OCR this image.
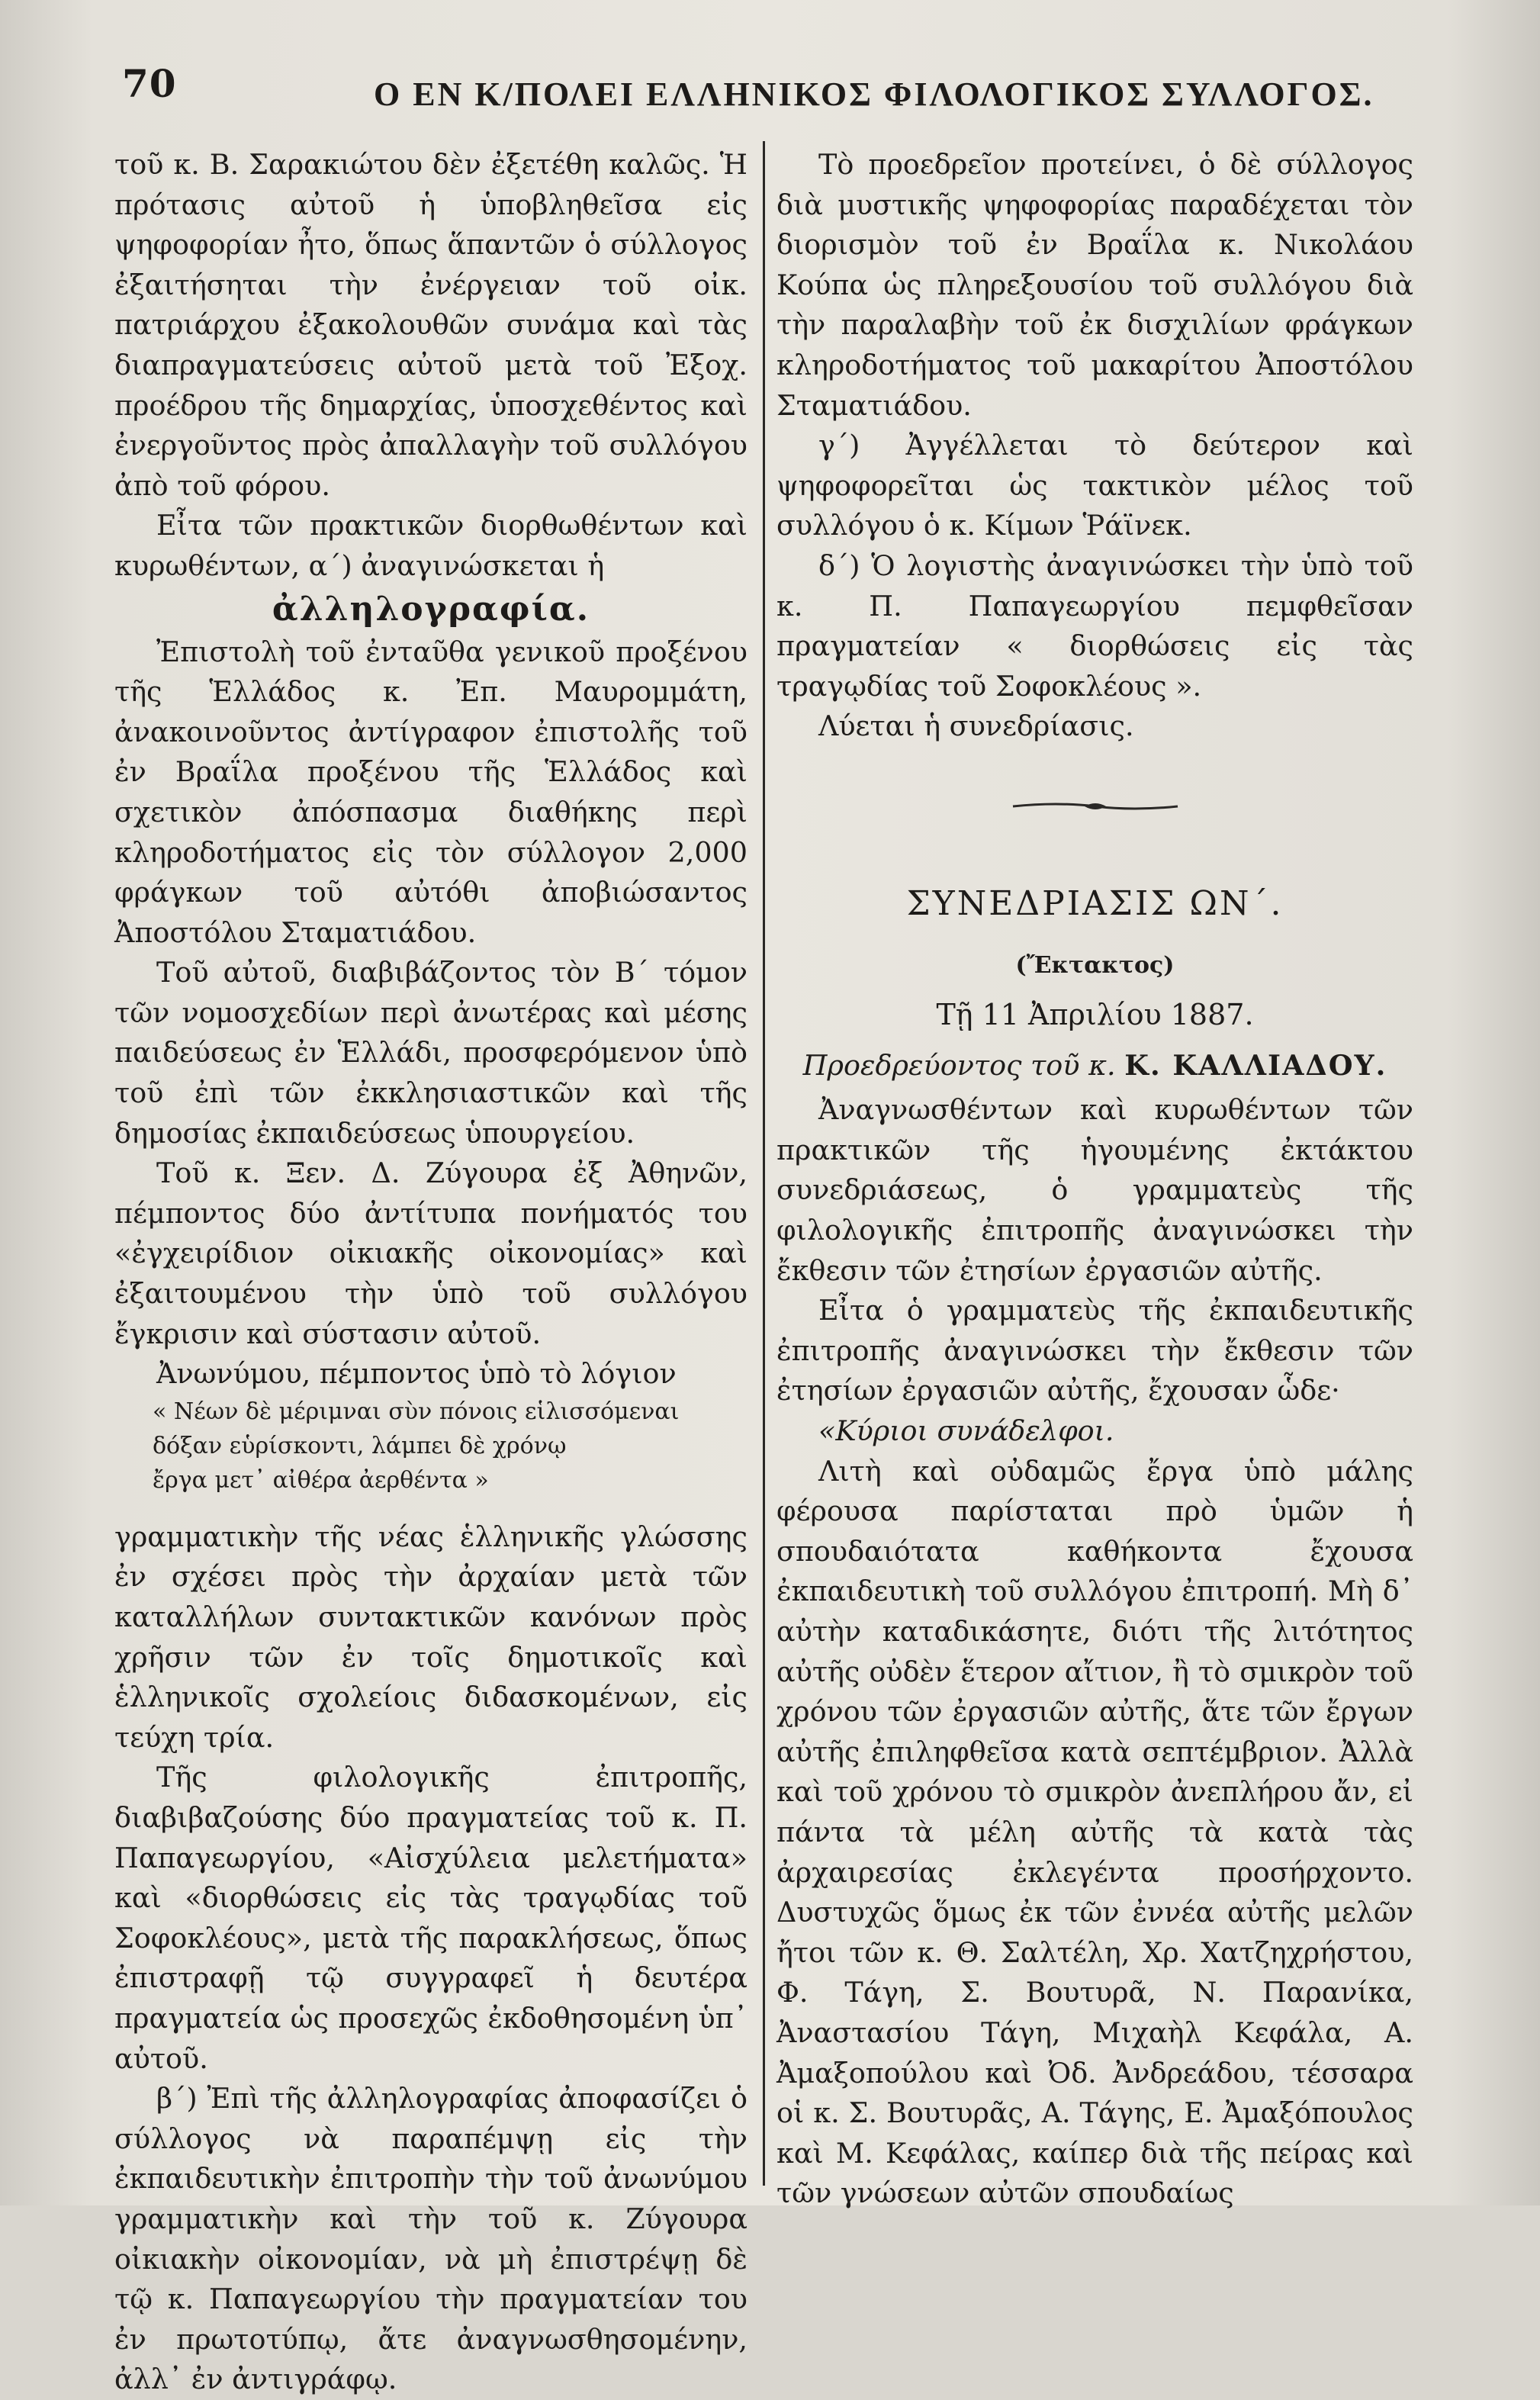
70	Ο ΕΝ Κ/ΠΟΛΕΙ ΕΛΛΗΝΙΚΟΣ ΦΙΛΟΛΟΓΙΚΟΣ ΣΥΛΛΟΓΟΣ.

τοῦ κ. Β. Σαρακιώτου δὲν ἐξετέθη καλῶς. Ἡ πρότασις αὐτοῦ ἡ ὑποβληθεῖσα εἰς ψηφοφορίαν ἦτο, ὅπως ἅπαντῶν ὁ σύλλογος ἐξαιτήσηται τὴν ἐνέργειαν τοῦ οἰκ. πατριάρχου ἐξακολουθῶν συνάμα καὶ τὰς διαπραγματεύσεις αὐτοῦ μετὰ τοῦ Ἐξοχ. προέδρου τῆς δημαρχίας, ὑποσχεθέντος καὶ ἐνεργοῦντος πρὸς ἀπαλλαγὴν τοῦ συλλόγου ἀπὸ τοῦ φόρου.

Εἶτα τῶν πρακτικῶν διορθωθέντων καὶ κυρωθέντων, α΄) ἀναγινώσκεται ἡ

ἀλληλογραφία.

Ἐπιστολὴ τοῦ ἐνταῦθα γενικοῦ προξένου τῆς Ἑλλάδος κ. Ἐπ. Μαυρομμάτη, ἀνακοινοῦντος ἀντίγραφον ἐπιστολῆς τοῦ ἐν Βραΐλα προξένου τῆς Ἑλλάδος καὶ σχετικὸν ἀπόσπασμα διαθήκης περὶ κληροδοτήματος εἰς τὸν σύλλογον 2,000 φράγκων τοῦ αὐτόθι ἀποβιώσαντος Ἀποστόλου Σταματιάδου.

Τοῦ αὐτοῦ, διαβιβάζοντος τὸν Β΄ τόμον τῶν νομοσχεδίων περὶ ἀνωτέρας καὶ μέσης παιδεύσεως ἐν Ἑλλάδι, προσφερόμενον ὑπὸ τοῦ ἐπὶ τῶν ἐκκλησιαστικῶν καὶ τῆς δημοσίας ἐκπαιδεύσεως ὑπουργείου.

Τοῦ κ. Ξεν. Δ. Ζύγουρα ἐξ Ἀθηνῶν, πέμποντος δύο ἀντίτυπα πονήματός του «ἐγχειρίδιον οἰκιακῆς οἰκονομίας» καὶ ἐξαιτουμένου τὴν ὑπὸ τοῦ συλλόγου ἔγκρισιν καὶ σύστασιν αὐτοῦ.

Ἀνωνύμου, πέμποντος ὑπὸ τὸ λόγιον

« Νέων δὲ μέριμναι σὺν πόνοις εἱλισσόμεναι
δόξαν εὑρίσκοντι, λάμπει δὲ χρόνῳ
ἔργα μετ᾽ αἰθέρα ἀερθέντα »

γραμματικὴν τῆς νέας ἑλληνικῆς γλώσσης ἐν σχέσει πρὸς τὴν ἀρχαίαν μετὰ τῶν καταλλήλων συντακτικῶν κανόνων πρὸς χρῆσιν τῶν ἐν τοῖς δημοτικοῖς καὶ ἑλληνικοῖς σχολείοις διδασκομένων, εἰς τεύχη τρία.

Τῆς φιλολογικῆς ἐπιτροπῆς, διαβιβαζούσης δύο πραγματείας τοῦ κ. Π. Παπαγεωργίου, «Αἰσχύλεια μελετήματα» καὶ «διορθώσεις εἰς τὰς τραγῳδίας τοῦ Σοφοκλέους», μετὰ τῆς παρακλήσεως, ὅπως ἐπιστραφῇ τῷ συγγραφεῖ ἡ δευτέρα πραγματεία ὡς προσεχῶς ἐκδοθησομένη ὑπ᾽ αὐτοῦ.

β΄) Ἐπὶ τῆς ἀλληλογραφίας ἀποφασίζει ὁ σύλλογος νὰ παραπέμψῃ εἰς τὴν ἐκπαιδευτικὴν ἐπιτροπὴν τὴν τοῦ ἀνωνύμου γραμματικὴν καὶ τὴν τοῦ κ. Ζύγουρα οἰκιακὴν οἰκονομίαν, νὰ μὴ ἐπιστρέψῃ δὲ τῷ κ. Παπαγεωργίου τὴν πραγματείαν του ἐν πρωτοτύπῳ, ἄτε ἀναγνωσθησομένην, ἀλλ᾽ ἐν ἀντιγράφῳ.

Τὸ προεδρεῖον προτείνει, ὁ δὲ σύλλογος διὰ μυστικῆς ψηφοφορίας παραδέχεται τὸν διορισμὸν τοῦ ἐν Βραΐλα κ. Νικολάου Κούπα ὡς πληρεξουσίου τοῦ συλλόγου διὰ τὴν παραλαβὴν τοῦ ἐκ δισχιλίων φράγκων κληροδοτήματος τοῦ μακαρίτου Ἀποστόλου Σταματιάδου.

γ΄) Ἀγγέλλεται τὸ δεύτερον καὶ ψηφοφορεῖται ὡς τακτικὸν μέλος τοῦ συλλόγου ὁ κ. Κίμων Ῥάϊνεκ.

δ΄) Ὁ λογιστὴς ἀναγινώσκει τὴν ὑπὸ τοῦ κ. Π. Παπαγεωργίου πεμφθεῖσαν πραγματείαν « διορθώσεις εἰς τὰς τραγῳδίας τοῦ Σοφοκλέους ».

Λύεται ἡ συνεδρίασις.

ΣΥΝΕΔΡΙΑΣΙΣ ΩΝ΄.
(Ἔκτακτος)
Τῇ 11 Ἀπριλίου 1887.
Προεδρεύοντος τοῦ κ. Κ. ΚΑΛΛΙΑΔΟΥ.

Ἀναγνωσθέντων καὶ κυρωθέντων τῶν πρακτικῶν τῆς ἡγουμένης ἐκτάκτου συνεδριάσεως, ὁ γραμματεὺς τῆς φιλολογικῆς ἐπιτροπῆς ἀναγινώσκει τὴν ἔκθεσιν τῶν ἐτησίων ἐργασιῶν αὐτῆς.

Εἶτα ὁ γραμματεὺς τῆς ἐκπαιδευτικῆς ἐπιτροπῆς ἀναγινώσκει τὴν ἔκθεσιν τῶν ἐτησίων ἐργασιῶν αὐτῆς, ἔχουσαν ὧδε·

«Κύριοι συνάδελφοι.

Λιτὴ καὶ οὐδαμῶς ἔργα ὑπὸ μάλης φέρουσα παρίσταται πρὸ ὑμῶν ἡ σπουδαιότατα καθήκοντα ἔχουσα ἐκπαιδευτικὴ τοῦ συλλόγου ἐπιτροπή. Μὴ δ᾽ αὐτὴν καταδικάσητε, διότι τῆς λιτότητος αὐτῆς οὐδὲν ἕτερον αἴτιον, ἢ τὸ σμικρὸν τοῦ χρόνου τῶν ἐργασιῶν αὐτῆς, ἅτε τῶν ἔργων αὐτῆς ἐπιληφθεῖσα κατὰ σεπτέμβριον. Ἀλλὰ καὶ τοῦ χρόνου τὸ σμικρὸν ἀνεπλήρου ἄν, εἰ πάντα τὰ μέλη αὐτῆς τὰ κατὰ τὰς ἀρχαιρεσίας ἐκλεγέντα προσήρχοντο. Δυστυχῶς ὅμως ἐκ τῶν ἐννέα αὐτῆς μελῶν ἤτοι τῶν κ. Θ. Σαλτέλη, Χρ. Χατζηχρήστου, Φ. Τάγη, Σ. Βουτυρᾶ, Ν. Παρανίκα, Ἀναστασίου Τάγη, Μιχαὴλ Κεφάλα, Α. Ἀμαξοπούλου καὶ Ὀδ. Ἀνδρεάδου, τέσσαρα οἱ κ. Σ. Βουτυρᾶς, Α. Τάγης, Ε. Ἀμαξόπουλος καὶ Μ. Κεφάλας, καίπερ διὰ τῆς πείρας καὶ τῶν γνώσεων αὐτῶν σπουδαίως
